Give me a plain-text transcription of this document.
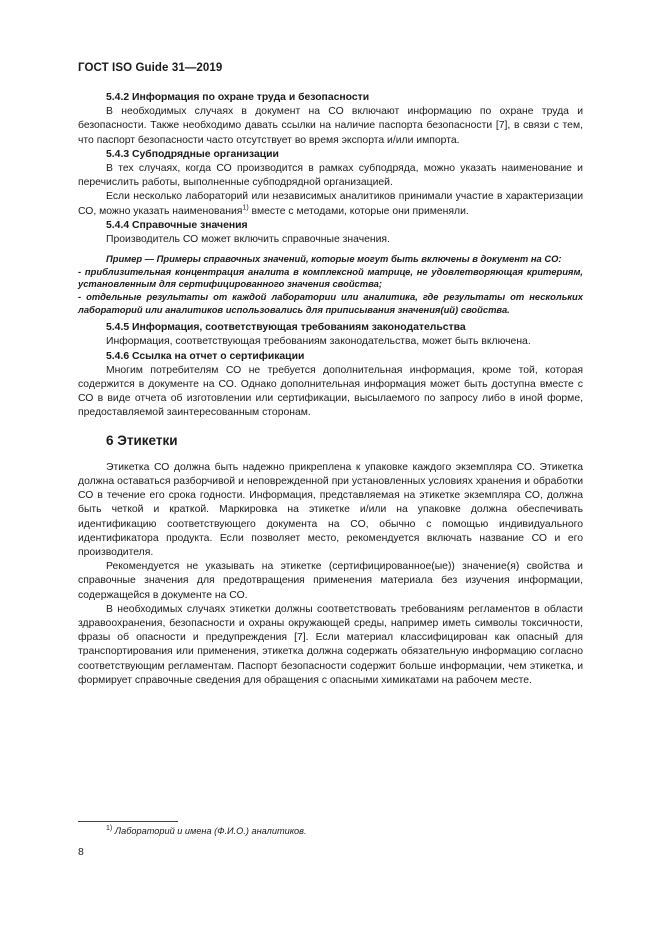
ГОСТ ISO Guide 31—2019

5.4.2 Информация по охране труда и безопасности

В необходимых случаях в документ на СО включают информацию по охране труда и безопасности. Также необходимо давать ссылки на наличие паспорта безопасности [7], в связи с тем, что паспорт безопасности часто отсутствует во время экспорта и/или импорта.

5.4.3 Субподрядные организации

В тех случаях, когда СО производится в рамках субподряда, можно указать наименование и перечислить работы, выполненные субподрядной организацией.

Если несколько лабораторий или независимых аналитиков принимали участие в характеризации СО, можно указать наименования$^{1)}$ вместе с методами, которые они применяли.

5.4.4 Справочные значения

Производитель СО может включить справочные значения.

Пример — Примеры справочных значений, которые могут быть включены в документ на СО:

- приблизительная концентрация аналита в комплексной матрице, не удовлетворяющая критериям, установленным для сертифицированного значения свойства;

- отдельные результаты от каждой лаборатории или аналитика, где результаты от нескольких лабораторий или аналитиков использовались для приписывания значения(ий) свойства.

5.4.5 Информация, соответствующая требованиям законодательства

Информация, соответствующая требованиям законодательства, может быть включена.

5.4.6 Ссылка на отчет о сертификации

Многим потребителям СО не требуется дополнительная информация, кроме той, которая содержится в документе на СО. Однако дополнительная информация может быть доступна вместе с СО в виде отчета об изготовлении или сертификации, высылаемого по запросу либо в иной форме, предоставляемой заинтересованным сторонам.

6 Этикетки

Этикетка СО должна быть надежно прикреплена к упаковке каждого экземпляра СО. Этикетка должна оставаться разборчивой и неповрежденной при установленных условиях хранения и обработки СО в течение его срока годности. Информация, представляемая на этикетке экземпляра СО, должна быть четкой и краткой. Маркировка на этикетке и/или на упаковке должна обеспечивать идентификацию соответствующего документа на СО, обычно с помощью индивидуального идентификатора продукта. Если позволяет место, рекомендуется включать название СО и его производителя.

Рекомендуется не указывать на этикетке (сертифицированное(ые)) значение(я) свойства и справочные значения для предотвращения применения материала без изучения информации, содержащейся в документе на СО.

В необходимых случаях этикетки должны соответствовать требованиям регламентов в области здравоохранения, безопасности и охраны окружающей среды, например иметь символы токсичности, фразы об опасности и предупреждения [7]. Если материал классифицирован как опасный для транспортирования или применения, этикетка должна содержать обязательную информацию согласно соответствующим регламентам. Паспорт безопасности содержит больше информации, чем этикетка, и формирует справочные сведения для обращения с опасными химикатами на рабочем месте.

$^{1)}$ Лабораторий и имена (Ф.И.О.) аналитиков.
8
